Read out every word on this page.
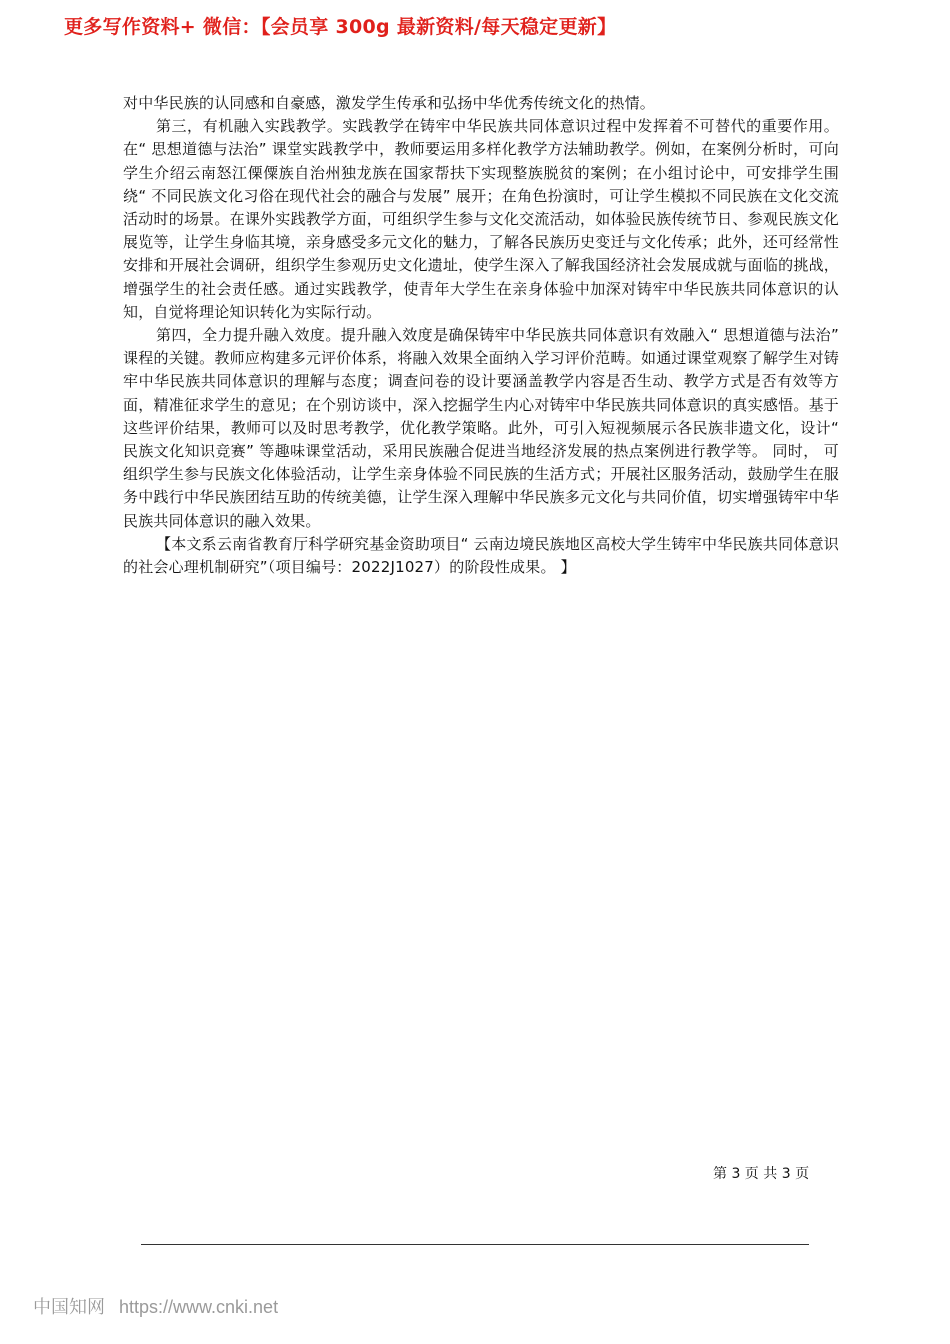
更多写作资料+ 微信：【会员享 300g 最新资料/每天稳定更新】

对中华民族的认同感和自豪感，激发学生传承和弘扬中华优秀传统文化的热情。

第三，有机融入实践教学。实践教学在铸牢中华民族共同体意识过程中发挥着不可替代的重要作用。在“ 思想道德与法治” 课堂实践教学中，教师要运用多样化教学方法辅助教学。例如，在案例分析时，可向学生介绍云南怒江傈僳族自治州独龙族在国家帮扶下实现整族脱贫的案例；在小组讨论中，可安排学生围绕“ 不同民族文化习俗在现代社会的融合与发展” 展开；在角色扮演时，可让学生模拟不同民族在文化交流活动时的场景。在课外实践教学方面，可组织学生参与文化交流活动，如体验民族传统节日、参观民族文化展览等，让学生身临其境，亲身感受多元文化的魅力，了解各民族历史变迁与文化传承；此外，还可经常性安排和开展社会调研，组织学生参观历史文化遗址，使学生深入了解我国经济社会发展成就与面临的挑战，增强学生的社会责任感。通过实践教学，使青年大学生在亲身体验中加深对铸牢中华民族共同体意识的认知，自觉将理论知识转化为实际行动。

第四，全力提升融入效度。提升融入效度是确保铸牢中华民族共同体意识有效融入“ 思想道德与法治” 课程的关键。教师应构建多元评价体系，将融入效果全面纳入学习评价范畴。如通过课堂观察了解学生对铸牢中华民族共同体意识的理解与态度；调查问卷的设计要涵盖教学内容是否生动、教学方式是否有效等方面，精准征求学生的意见；在个别访谈中，深入挖掘学生内心对铸牢中华民族共同体意识的真实感悟。基于这些评价结果，教师可以及时思考教学，优化教学策略。此外，可引入短视频展示各民族非遗文化，设计“ 民族文化知识竞赛” 等趣味课堂活动，采用民族融合促进当地经济发展的热点案例进行教学等。 同时， 可组织学生参与民族文化体验活动，让学生亲身体验不同民族的生活方式；开展社区服务活动，鼓励学生在服务中践行中华民族团结互助的传统美德，让学生深入理解中华民族多元文化与共同价值，切实增强铸牢中华民族共同体意识的融入效果。

【本文系云南省教育厅科学研究基金资助项目“ 云南边境民族地区高校大学生铸牢中华民族共同体意识的社会心理机制研究”（项目编号：2022J1027）的阶段性成果。 】

第 3 页 共 3 页
中国知网 https://www.cnki.net
